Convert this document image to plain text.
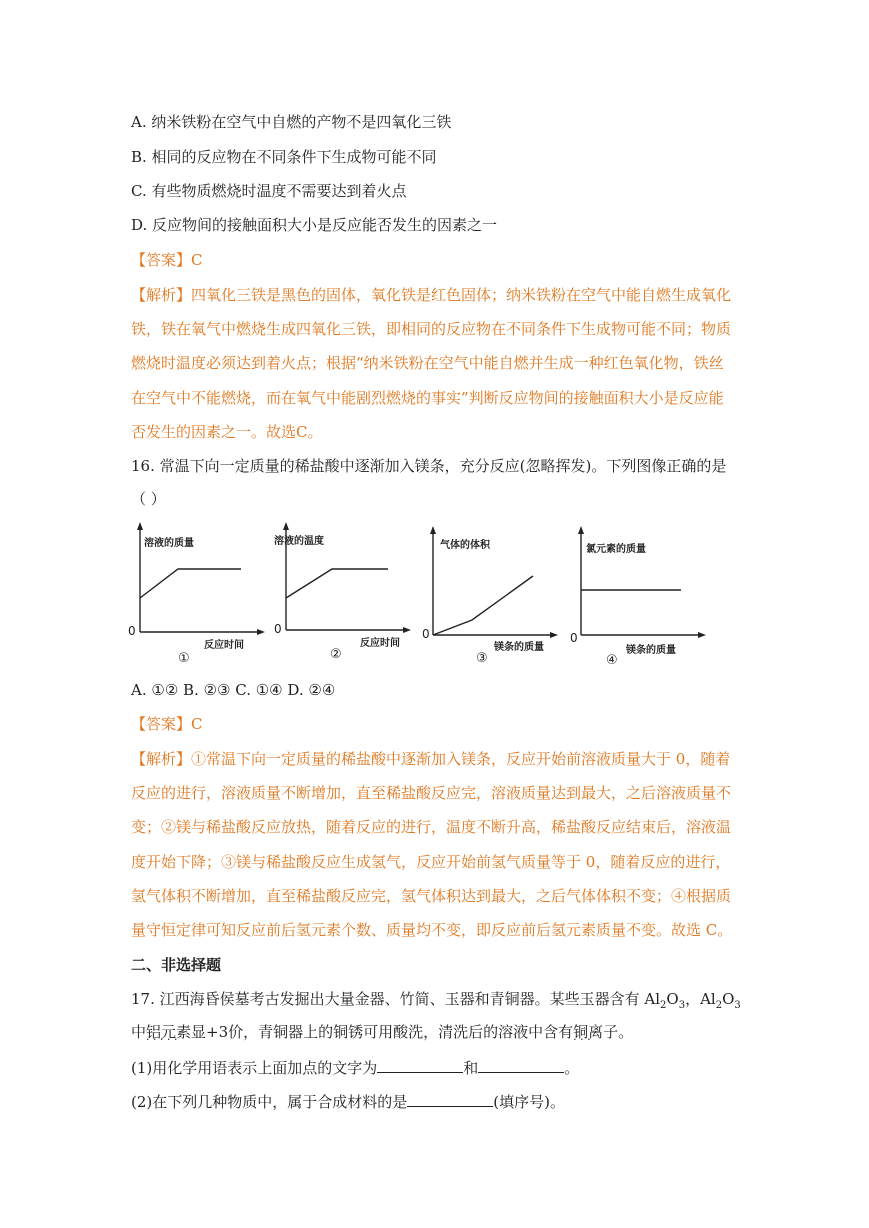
A. 纳米铁粉在空气中自燃的产物不是四氧化三铁
B. 相同的反应物在不同条件下生成物可能不同
C. 有些物质燃烧时温度不需要达到着火点
D. 反应物间的接触面积大小是反应能否发生的因素之一
【答案】C
【解析】四氧化三铁是黑色的固体，氧化铁是红色固体；纳米铁粉在空气中能自燃生成氧化
铁，铁在氧气中燃烧生成四氧化三铁，即相同的反应物在不同条件下生成物可能不同；物质
燃烧时温度必须达到着火点；根据“纳米铁粉在空气中能自燃并生成一种红色氧化物，铁丝
在空气中不能燃烧，而在氧气中能剧烈燃烧的事实”判断反应物间的接触面积大小是反应能
否发生的因素之一。故选C。
16. 常温下向一定质量的稀盐酸中逐渐加入镁条，充分反应(忽略挥发)。下列图像正确的是
（ ）
溶液的质量
反应时间
0
①
溶液的温度
反应时间
0
②
气体的体积
镁条的质量
0
③
氯元素的质量
镁条的质量
0
④
A. ①② B. ②③ C. ①④ D. ②④
【答案】C
【解析】①常温下向一定质量的稀盐酸中逐渐加入镁条，反应开始前溶液质量大于 0，随着
反应的进行，溶液质量不断增加，直至稀盐酸反应完，溶液质量达到最大，之后溶液质量不
变；②镁与稀盐酸反应放热，随着反应的进行，温度不断升高，稀盐酸反应结束后，溶液温
度开始下降；③镁与稀盐酸反应生成氢气，反应开始前氢气质量等于 0，随着反应的进行，
氢气体积不断增加，直至稀盐酸反应完，氢气体积达到最大，之后气体体积不变；④根据质
量守恒定律可知反应前后氢元素个数、质量均不变，即反应前后氢元素质量不变。故选 C。
二、非选择题
17. 江西海昏侯墓考古发掘出大量金器、竹简、玉器和青铜器。某些玉器含有 $Al_2O_3$，$Al_2O_3$
中铝元素显+3 · · ·价，青铜器上的铜锈可用酸洗，清洗后的溶液中含有铜离子 · · ·。
(1)用化学用语表示上面加点的文字为	和	。
(2)在下列几种物质中，属于合成材料的是	(填序号)。
